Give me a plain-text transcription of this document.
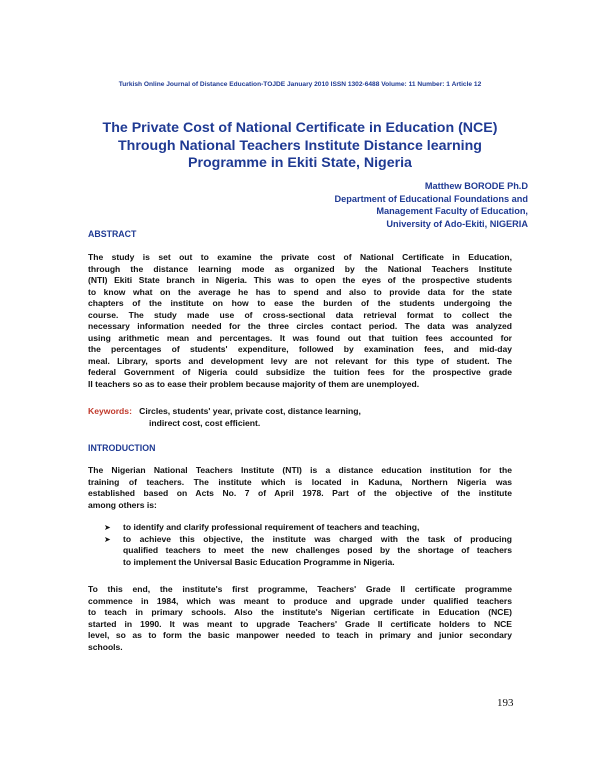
Turkish Online Journal of Distance Education-TOJDE January 2010 ISSN 1302-6488 Volume: 11 Number: 1 Article 12
The Private Cost of National Certificate in Education (NCE)
Through National Teachers Institute Distance learning
Programme in Ekiti State, Nigeria
Matthew BORODE Ph.D
Department of Educational Foundations and
Management Faculty of Education,
University of Ado-Ekiti, NIGERIA
ABSTRACT
The study is set out to examine the private cost of National Certificate in Education,
through the distance learning mode as organized by the National Teachers Institute
(NTI) Ekiti State branch in Nigeria. This was to open the eyes of the prospective students
to know what on the average he has to spend and also to provide data for the state
chapters of the institute on how to ease the burden of the students undergoing the
course. The study made use of cross-sectional data retrieval format to collect the
necessary information needed for the three circles contact period. The data was analyzed
using arithmetic mean and percentages. It was found out that tuition fees accounted for
the percentages of students' expenditure, followed by examination fees, and mid-day
meal. Library, sports and development levy are not relevant for this type of student. The
federal Government of Nigeria could subsidize the tuition fees for the prospective grade
II teachers so as to ease their problem because majority of them are unemployed.
Keywords: Circles, students' year, private cost, distance learning,
indirect cost, cost efficient.
INTRODUCTION
The Nigerian National Teachers Institute (NTI) is a distance education institution for the
training of teachers. The institute which is located in Kaduna, Northern Nigeria was
established based on Acts No. 7 of April 1978. Part of the objective of the institute
among others is:
➤ to identify and clarify professional requirement of teachers and teaching,
➤ to achieve this objective, the institute was charged with the task of producing
qualified teachers to meet the new challenges posed by the shortage of teachers
to implement the Universal Basic Education Programme in Nigeria.
To this end, the institute's first programme, Teachers' Grade II certificate programme
commence in 1984, which was meant to produce and upgrade under qualified teachers
to teach in primary schools. Also the institute's Nigerian certificate in Education (NCE)
started in 1990. It was meant to upgrade Teachers' Grade II certificate holders to NCE
level, so as to form the basic manpower needed to teach in primary and junior secondary
schools.
193
